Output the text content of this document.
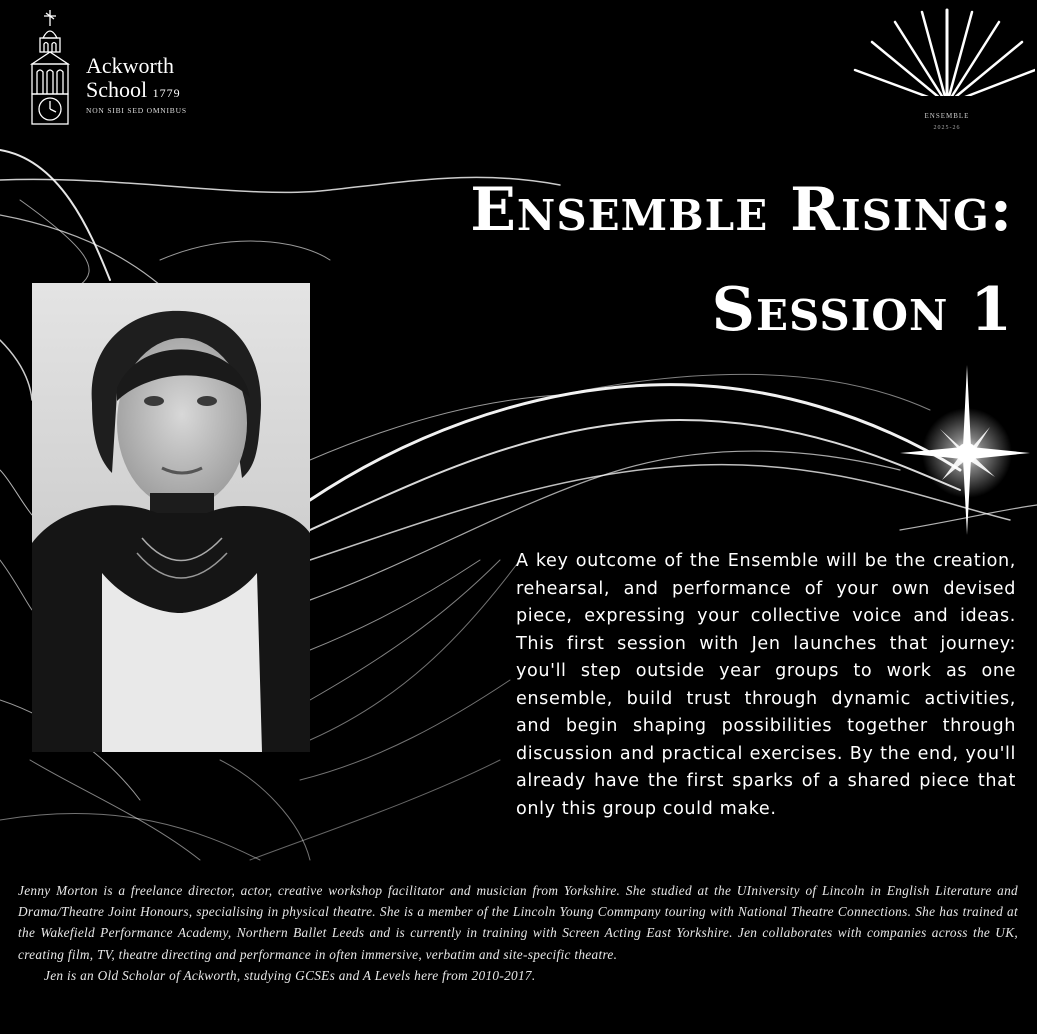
Ackworth
School 1779
NON SIBI SED OMNIBUS
ENSEMBLE
2025-26
Ensemble Rising:
Session 1
A key outcome of the Ensemble will be the creation, rehearsal, and performance of your own devised piece, expressing your collective voice and ideas. This first session with Jen launches that journey: you'll step outside year groups to work as one ensemble, build trust through dynamic activities, and begin shaping possibilities together through discussion and practical exercises. By the end, you'll already have the first sparks of a shared piece that only this group could make.
Jenny Morton is a freelance director, actor, creative workshop facilitator and musician from Yorkshire. She studied at the UIniversity of Lincoln in English Literature and Drama/Theatre Joint Honours, specialising in physical theatre. She is a member of the Lincoln Young Commpany touring with National Theatre Connections. She has trained at the Wakefield Performance Academy, Northern Ballet Leeds and is currently in training with Screen Acting East Yorkshire. Jen collaborates with companies across the UK, creating film, TV, theatre directing and performance in often immersive, verbatim and site-specific theatre.
Jen is an Old Scholar of Ackworth, studying GCSEs and A Levels here from 2010-2017.
